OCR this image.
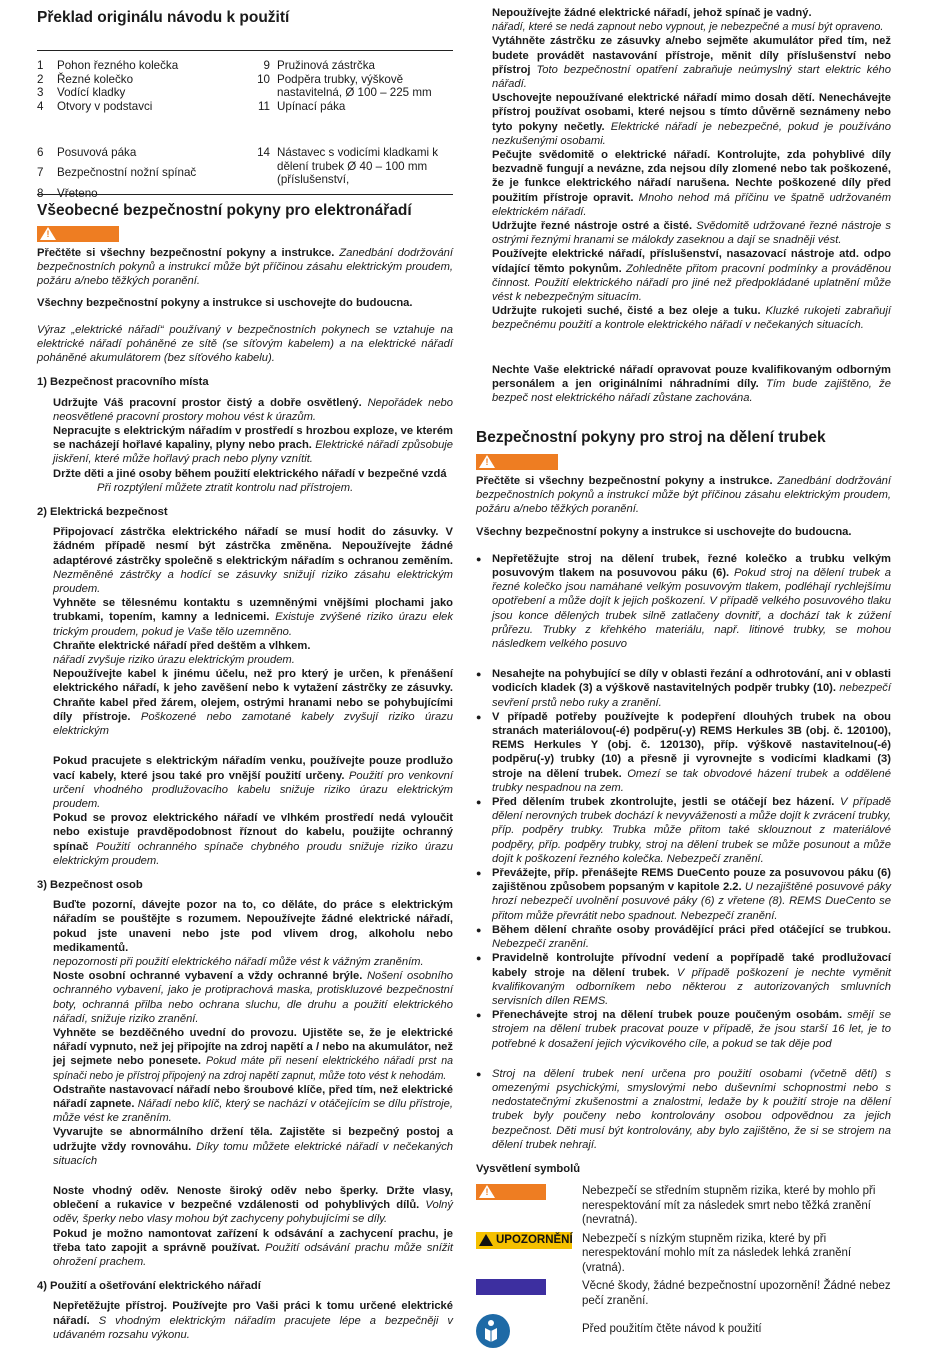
Překlad originálu návodu k použití
1	Pohon řezného kolečka	9 Pružinová zástrčka
2	Řezné kolečko	10 Podpěra trubky, výškově nastavitelná, Ø 100 – 225 mm
3	Vodící kladky
4	Otvory v podstavci	11 Upínací páka
6	Posuvová páka	14 Nástavec s vodicími kladkami k dělení trubek Ø 40 – 100 mm (příslušenství,
7	Bezpečnostní nožní spínač
8	Vřeteno
Všeobecné bezpečnostní pokyny pro elektronářadí
!

Přečtěte si všechny bezpečnostní pokyny a instrukce. Zanedbání dodržování bezpečnostních pokynů a instrukcí může být příčinou zásahu elektrickým proudem, požáru a/nebo těžkých poranění.

Všechny bezpečnostní pokyny a instrukce si uschovejte do budoucna.

Výraz „elektrické nářadí“ používaný v bezpečnostních pokynech se vztahuje na elektrické nářadí poháněné ze sítě (se síťovým kabelem) a na elektrické nářadí poháněné akumulátorem (bez síťového kabelu).

1) Bezpečnost pracovního místa

Udržujte Váš pracovní prostor čistý a dobře osvětlený. Nepořádek nebo neosvětlené pracovní prostory mohou vést k úrazům.

Nepracujte s elektrickým nářadím v prostředí s hrozbou exploze, ve kterém se nacházejí hořlavé kapaliny, plyny nebo prach. Elektrické nářadí způsobuje jiskření, které může hořlavý prach nebo plyny vznítit.

Držte děti a jiné osoby během použití elektrického nářadí v bezpečné vzdá

Při rozptýlení můžete ztratit kontrolu nad přístrojem.

2) Elektrická bezpečnost

Připojovací zástrčka elektrického nářadí se musí hodit do zásuvky. V žádném případě nesmí být zástrčka změněna. Nepoužívejte žádné adaptérové zástrčky společně s elektrickým nářadím s ochranou zeměním. Nezměněné zástrčky a hodící se zásuvky snižují riziko zásahu elektrickým proudem.

Vyhněte se tělesnému kontaktu s uzemněnými vnějšími plochami jako trubkami, topením, kamny a lednicemi. Existuje zvýšené riziko úrazu elek trickým proudem, pokud je Vaše tělo uzemněno.

Chraňte elektrické nářadí před deštěm a vlhkem.

nářadí zvyšuje riziko úrazu elektrickým proudem.

Nepoužívejte kabel k jinému účelu, než pro který je určen, k přenášení elektrického nářadí, k jeho zavěšení nebo k vytažení zástrčky ze zásuvky. Chraňte kabel před žárem, olejem, ostrými hranami nebo se pohybujícími díly přístroje. Poškozené nebo zamotané kabely zvyšují riziko úrazu elektrickým

Pokud pracujete s elektrickým nářadím venku, používejte pouze prodlužo vací kabely, které jsou také pro vnější použití určeny. Použití pro venkovní určení vhodného prodlužovacího kabelu snižuje riziko úrazu elektrickým proudem.

Pokud se provoz elektrického nářadí ve vlhkém prostředí nedá vyloučit nebo existuje pravděpodobnost říznout do kabelu, použijte ochranný spínač Použití ochranného spínače chybného proudu snižuje riziko úrazu elektrickým proudem.

3) Bezpečnost osob

Buďte pozorní, dávejte pozor na to, co děláte, do práce s elektrickým nářadím se pouštějte s rozumem. Nepoužívejte žádné elektrické nářadí, pokud jste unaveni nebo jste pod vlivem drog, alkoholu nebo medikamentů.

nepozornosti při použití elektrického nářadí může vést k vážným zraněním.

Noste osobní ochranné vybavení a vždy ochranné brýle. Nošení osobního ochranného vybavení, jako je protiprachová maska, protiskluzové bezpečnostní boty, ochranná přilba nebo ochrana sluchu, dle druhu a použití elektrického nářadí, snižuje riziko zranění.

Vyhněte se bezděčného uvední do provozu. Ujistěte se, že je elektrické nářadí vypnuto, než jej připojíte na zdroj napětí a / nebo na akumulátor, než jej sejmete nebo ponesete. Pokud máte při nesení elektrického nářadí prst na spínači nebo je přístroj připojený na zdroj napětí zapnut, může toto vést k nehodám.

Odstraňte nastavovací nářadí nebo šroubové klíče, před tím, než elektrické nářadí zapnete. Nářadí nebo klíč, který se nachází v otáčejícím se dílu přístroje, může vést ke zraněním.

Vyvarujte se abnormálního držení těla. Zajistěte si bezpečný postoj a udržujte vždy rovnováhu. Díky tomu můžete elektrické nářadí v nečekaných situacích

Noste vhodný oděv. Nenoste široký oděv nebo šperky. Držte vlasy, oblečení a rukavice v bezpečné vzdálenosti od pohyblivých dílů. Volný oděv, šperky nebo vlasy mohou být zachyceny pohybujícími se díly.

Pokud je možno namontovat zařízení k odsávání a zachycení prachu, je třeba tato zapojit a správně používat. Použití odsávání prachu může snížit ohrožení prachem.

4) Použití a ošetřování elektrického nářadí

Nepřetěžujte přístroj. Používejte pro Vaši práci k tomu určené elektrické nářadí. S vhodným elektrickým nářadím pracujete lépe a bezpečněji v udávaném rozsahu výkonu.

Nepoužívejte žádné elektrické nářadí, jehož spínač je vadný.

nářadí, které se nedá zapnout nebo vypnout, je nebezpečné a musí být opraveno.

Vytáhněte zástrčku ze zásuvky a/nebo sejměte akumulátor před tím, než budete provádět nastavování přístroje, měnit díly příslušenství nebo přístroj Toto bezpečnostní opatření zabraňuje neúmyslný start elektric kého nářadí.

Uschovejte nepoužívané elektrické nářadí mimo dosah dětí. Nenechávejte přístroj používat osobami, které nejsou s tímto důvěrně seznámeny nebo tyto pokyny nečetly. Elektrické nářadí je nebezpečné, pokud je používáno nezkušenými osobami.

Pečujte svědomitě o elektrické nářadí. Kontrolujte, zda pohyblivé díly bezvadně fungují a nevázne, zda nejsou díly zlomené nebo tak poškozené, že je funkce elektrického nářadí narušena. Nechte poškozené díly před použitím přístroje opravit. Mnoho nehod má příčinu ve špatně udržovaném elektrickém nářadí.

Udržujte řezné nástroje ostré a čisté. Svědomitě udržované řezné nástroje s ostrými řeznými hranami se málokdy zaseknou a dají se snadněji vést.

Používejte elektrické nářadí, příslušenství, nasazovací nástroje atd. odpo vídající těmto pokynům. Zohledněte přitom pracovní podmínky a prováděnou činnost. Použití elektrického nářadí pro jiné než předpokládané uplatnění může vést k nebezpečným situacím.

Udržujte rukojeti suché, čisté a bez oleje a tuku. Kluzké rukojeti zabraňují bezpečnému použití a kontrole elektrického nářadí v nečekaných situacích.

Nechte Vaše elektrické nářadí opravovat pouze kvalifikovaným odborným personálem a jen originálními náhradními díly. Tím bude zajištěno, že bezpeč nost elektrického nářadí zůstane zachována.

Bezpečnostní pokyny pro stroj na dělení trubek
!

Přečtěte si všechny bezpečnostní pokyny a instrukce. Zanedbání dodržování bezpečnostních pokynů a instrukcí může být příčinou zásahu elektrickým proudem, požáru a/nebo těžkých poranění.

Všechny bezpečnostní pokyny a instrukce si uschovejte do budoucna.

● Nepřetěžujte stroj na dělení trubek, řezné kolečko a trubku velkým posuvovým tlakem na posuvovou páku (6). Pokud stroj na dělení trubek a řezné kolečko jsou namáhané velkým posuvovým tlakem, podléhají rychlejšímu opotřebení a může dojít k jejich poškození. V případě velkého posuvového tlaku jsou konce dělených trubek silně zatlačeny dovnitř, a dochází tak k zúžení průřezu. Trubky z křehkého materiálu, např. litinové trubky, se mohou následkem velkého posuvo

● Nesahejte na pohybující se díly v oblasti řezání a odhrotování, ani v oblasti vodicích kladek (3) a výškově nastavitelných podpěr trubky (10). nebezpečí sevření prstů nebo ruky a zranění.

● V případě potřeby používejte k podepření dlouhých trubek na obou stranách materiálovou(-é) podpěru(-y) REMS Herkules 3B (obj. č. 120100), REMS Herkules Y (obj. č. 120130), příp. výškově nastavitelnou(-é) podpěru(-y) trubky (10) a přesně ji vyrovnejte s vodicími kladkami (3) stroje na dělení trubek. Omezí se tak obvodové házení trubek a oddělené trubky nespadnou na zem.

● Před dělením trubek zkontrolujte, jestli se otáčejí bez házení. V případě dělení nerovných trubek dochází k nevyváženosti a může dojít k zvrácení trubky, příp. podpěry trubky. Trubka může přitom také sklouznout z materiálové podpěry, příp. podpěry trubky, stroj na dělení trubek se může posunout a může dojít k poškození řezného kolečka. Nebezpečí zranění.

● Převážejte, příp. přenášejte REMS DueCento pouze za posuvovou páku (6) zajištěnou způsobem popsaným v kapitole 2.2. U nezajištěné posuvové páky hrozí nebezpečí uvolnění posuvové páky (6) z vřetene (8). REMS DueCento se přitom může převrátit nebo spadnout. Nebezpečí zranění.

● Během dělení chraňte osoby provádějící práci před otáčející se trubkou. Nebezpečí zranění.

● Pravidelně kontrolujte přívodní vedení a popřípadě také prodlužovací kabely stroje na dělení trubek. V případě poškození je nechte vyměnit kvalifikovaným odborníkem nebo některou z autorizovaných smluvních servisních dílen REMS.

● Přenechávejte stroj na dělení trubek pouze poučeným osobám. smějí se strojem na dělení trubek pracovat pouze v případě, že jsou starší 16 let, je to potřebné k dosažení jejich výcvikového cíle, a pokud se tak děje pod

● Stroj na dělení trubek není určena pro použití osobami (včetně dětí) s omezenými psychickými, smyslovými nebo duševními schopnostmi nebo s nedostatečnými zkušenostmi a znalostmi, ledaže by k použití stroje na dělení trubek byly poučeny nebo kontrolovány osobou odpovědnou za jejich bezpečnost. Děti musí být kontrolovány, aby bylo zajištěno, že si se strojem na dělení trubek nehrají.

Vysvětlení symbolů

!	Nebezpečí se středním stupněm rizika, které by mohlo při nerespektování mít za následek smrt nebo těžká zranění (nevratná).
UPOZORNĚNÍ Nebezpečí s nízkým stupněm rizika, které by při nerespektování mohlo mít za následek lehká zranění (vratná).
Věcné škody, žádné bezpečnostní upozornění! Žádné nebez pečí zranění.
Před použitím čtěte návod k použití
